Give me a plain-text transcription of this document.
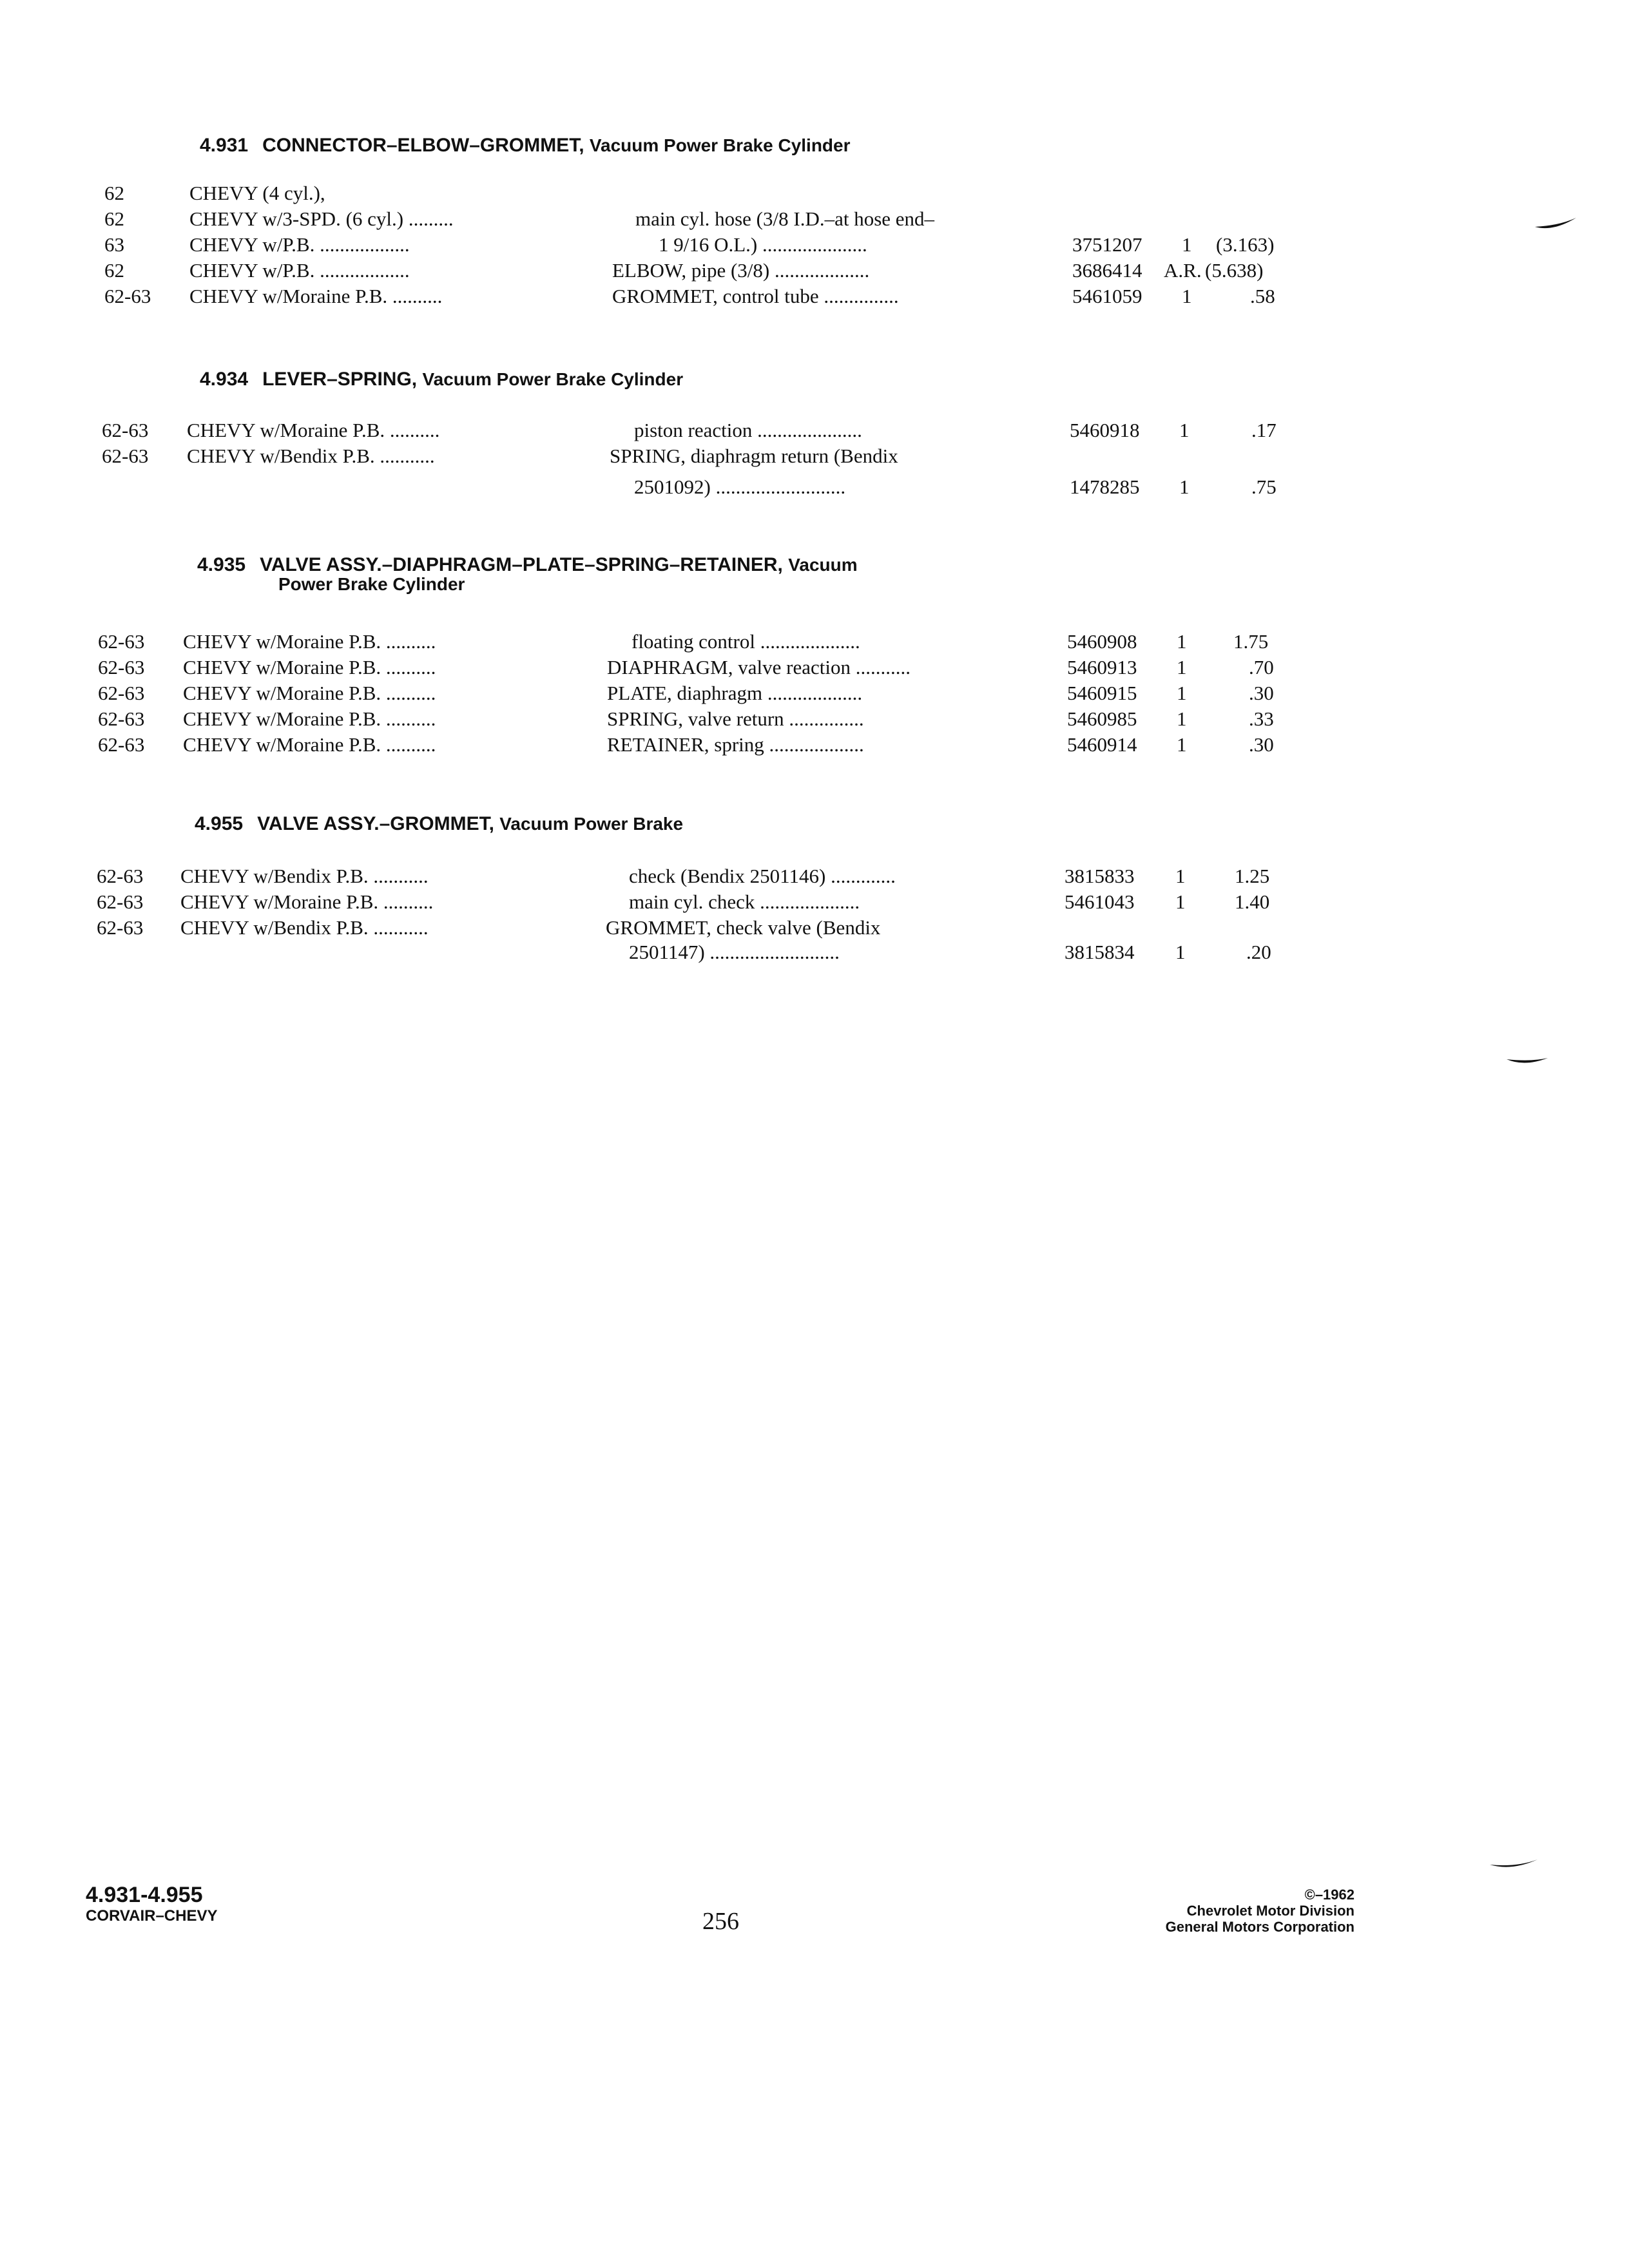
4.931 CONNECTOR–ELBOW–GROMMET, Vacuum Power Brake Cylinder
62	CHEVY (4 cyl.),
62	CHEVY w/3-SPD. (6 cyl.) .........	main cyl. hose (3/8 I.D.–at hose end–
63	CHEVY w/P.B. ..................	1 9/16 O.L.) .....................	3751207 1 (3.163)
62	CHEVY w/P.B. ..................	ELBOW, pipe (3/8) ...................	3686414 A.R. (5.638)
62-63 CHEVY w/Moraine P.B. ..........	GROMMET, control tube ...............	5461059 1	.58
4.934 LEVER–SPRING, Vacuum Power Brake Cylinder
62-63 CHEVY w/Moraine P.B. ..........	piston reaction .....................	5460918 1	.17
62-63 CHEVY w/Bendix P.B. ...........	SPRING, diaphragm return (Bendix
2501092) ..........................	1478285 1	.75
4.935 VALVE ASSY.–DIAPHRAGM–PLATE–SPRING–RETAINER, Vacuum
Power Brake Cylinder
62-63 CHEVY w/Moraine P.B. ..........	floating control ....................	5460908 1 1.75
62-63 CHEVY w/Moraine P.B. ..........	DIAPHRAGM, valve reaction ...........	5460913 1	.70
62-63 CHEVY w/Moraine P.B. ..........	PLATE, diaphragm ...................	5460915 1	.30
62-63 CHEVY w/Moraine P.B. ..........	SPRING, valve return ...............	5460985 1	.33
62-63 CHEVY w/Moraine P.B. ..........	RETAINER, spring ...................	5460914 1	.30
4.955 VALVE ASSY.–GROMMET, Vacuum Power Brake
62-63 CHEVY w/Bendix P.B. ...........	check (Bendix 2501146) .............	3815833 1 1.25
62-63 CHEVY w/Moraine P.B. ..........	main cyl. check ....................	5461043 1 1.40
62-63 CHEVY w/Bendix P.B. ...........	GROMMET, check valve (Bendix
2501147) ..........................	3815834 1	.20
4.931-4.955
CORVAIR–CHEVY	256
©–1962
Chevrolet Motor Division
General Motors Corporation
